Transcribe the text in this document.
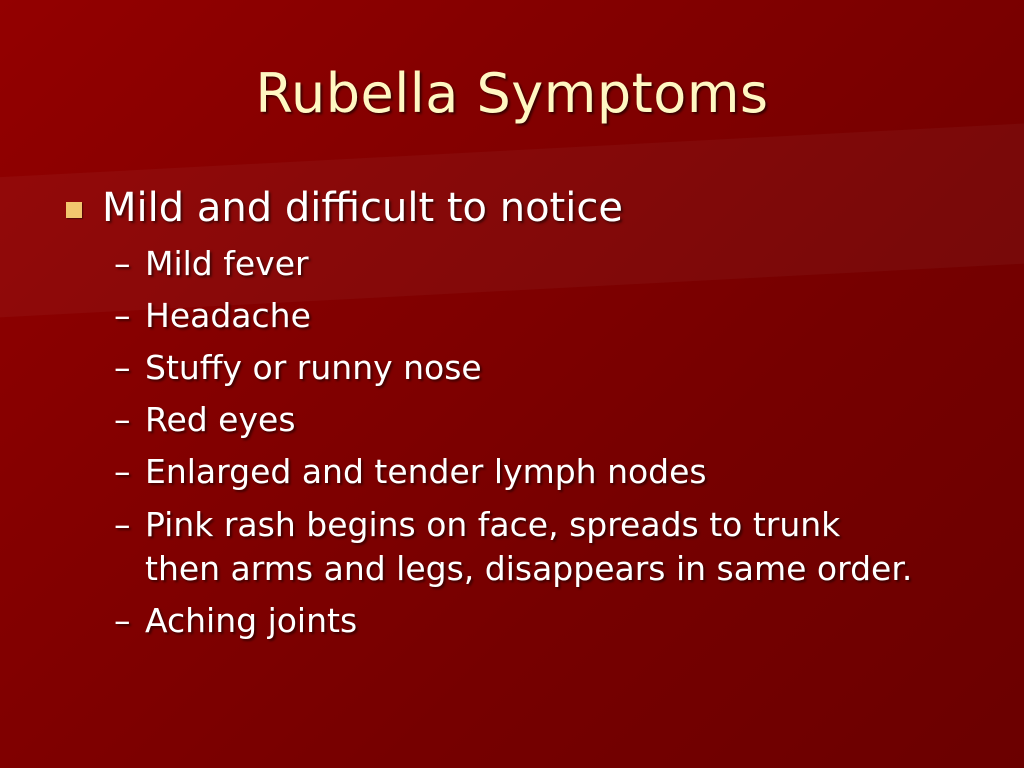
Rubella Symptoms
Mild and difficult to notice
– Mild fever
– Headache
– Stuffy or runny nose
– Red eyes
– Enlarged and tender lymph nodes
– Pink rash begins on face, spreads to trunk
then arms and legs, disappears in same order.
– Aching joints
